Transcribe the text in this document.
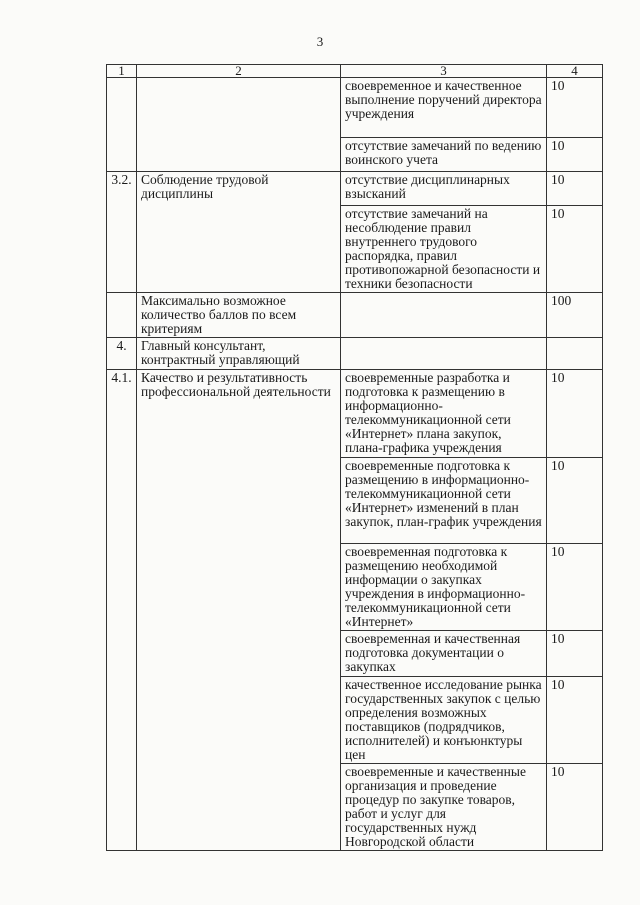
3
1	2	3	4
		своевременное и качественное выполнение поручений директора учреждения	10
		отсутствие замечаний по ведению воинского учета	10
3.2.	Соблюдение трудовой дисциплины	отсутствие дисциплинарных взысканий	10
		отсутствие замечаний на несоблюдение правил внутреннего трудового распорядка, правил противопожарной безопасности и техники безопасности	10
	Максимально возможное количество баллов по всем критериям		100
4.	Главный консультант, контрактный управляющий		
4.1.	Качество и результативность профессиональной деятельности	своевременные разработка и подготовка к размещению в информационно-телекоммуникационной сети «Интернет» плана закупок, плана-графика учреждения	10
		своевременные подготовка к размещению в информационно-телекоммуникационной сети «Интернет» изменений в план закупок, план-график учреждения	10
		своевременная подготовка к размещению необходимой информации о закупках учреждения в информационно-телекоммуникационной сети «Интернет»	10
		своевременная и качественная подготовка документации о закупках	10
		качественное исследование рынка государственных закупок с целью определения возможных поставщиков (подрядчиков, исполнителей) и конъюнктуры цен	10
		своевременные и качественные организация и проведение процедур по закупке товаров, работ и услуг для государственных нужд Новгородской области	10
